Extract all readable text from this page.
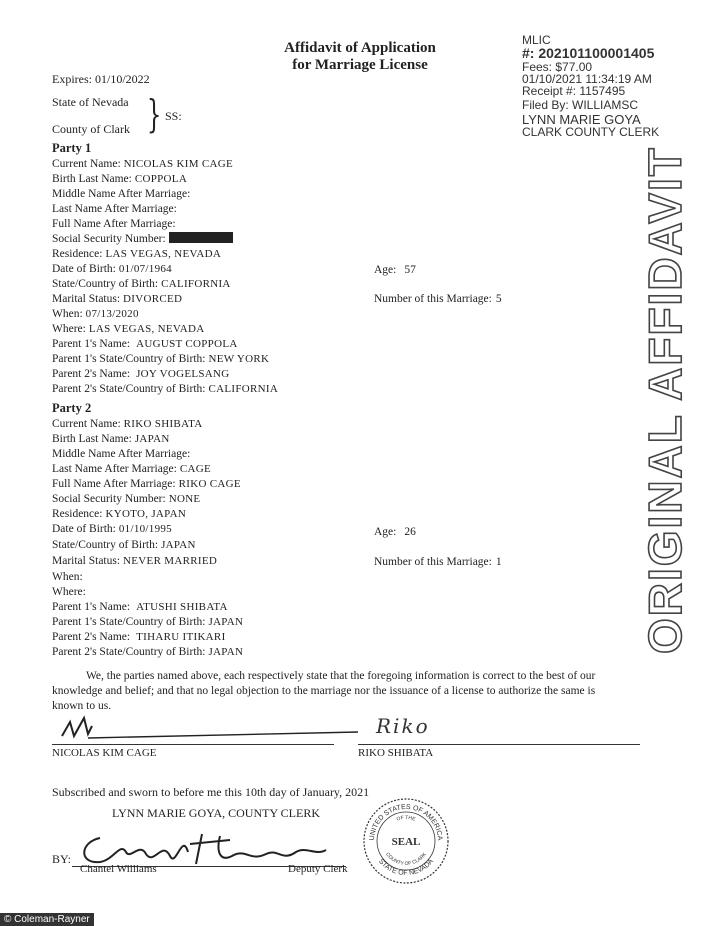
Affidavit of Application
for Marriage License
MLIC
#: 202101100001405
Fees: $77.00
01/10/2021 11:34:19 AM
Receipt #: 1157495
Filed By: WILLIAMSC
LYNN MARIE GOYA
CLARK COUNTY CLERK
Expires: 01/10/2022
State of Nevada
County of Clark } SS:
Party 1
Current Name: NICOLAS KIM CAGE
Birth Last Name: COPPOLA
Middle Name After Marriage:
Last Name After Marriage:
Full Name After Marriage:
Social Security Number:
Residence: LAS VEGAS, NEVADA
Date of Birth: 01/07/1964
State/Country of Birth: CALIFORNIA
Marital Status: DIVORCED
When: 07/13/2020
Where: LAS VEGAS, NEVADA
Parent 1's Name: AUGUST COPPOLA
Parent 1's State/Country of Birth: NEW YORK
Parent 2's Name: JOY VOGELSANG
Parent 2's State/Country of Birth: CALIFORNIA
Age: 57
Number of this Marriage: 5
Party 2
Current Name: RIKO SHIBATA
Birth Last Name: JAPAN
Middle Name After Marriage:
Last Name After Marriage: CAGE
Full Name After Marriage: RIKO CAGE
Social Security Number: NONE
Residence: KYOTO, JAPAN
Date of Birth: 01/10/1995
State/Country of Birth: JAPAN
Marital Status: NEVER MARRIED
When:
Where:
Parent 1's Name: ATUSHI SHIBATA
Parent 1's State/Country of Birth: JAPAN
Parent 2's Name: TIHARU ITIKARI
Parent 2's State/Country of Birth: JAPAN
Age: 26
Number of this Marriage: 1	ORIGINAL AFFIDAVIT
We, the parties named above, each respectively state that the foregoing information is correct to the best of our
knowledge and belief; and that no legal objection to the marriage nor the issuance of a license to authorize the same is
known to us.
NICOLAS KIM CAGE
Riko
RIKO SHIBATA
Subscribed and sworn to before me this 10th day of January, 2021
LYNN MARIE GOYA, COUNTY CLERK
BY:
Chantel Williams	Deputy Clerk
UNITED STATES OF AMERICA
STATE OF NEVADA
OF THE
COUNTY OF CLARK
SEAL
© Coleman-Rayner
